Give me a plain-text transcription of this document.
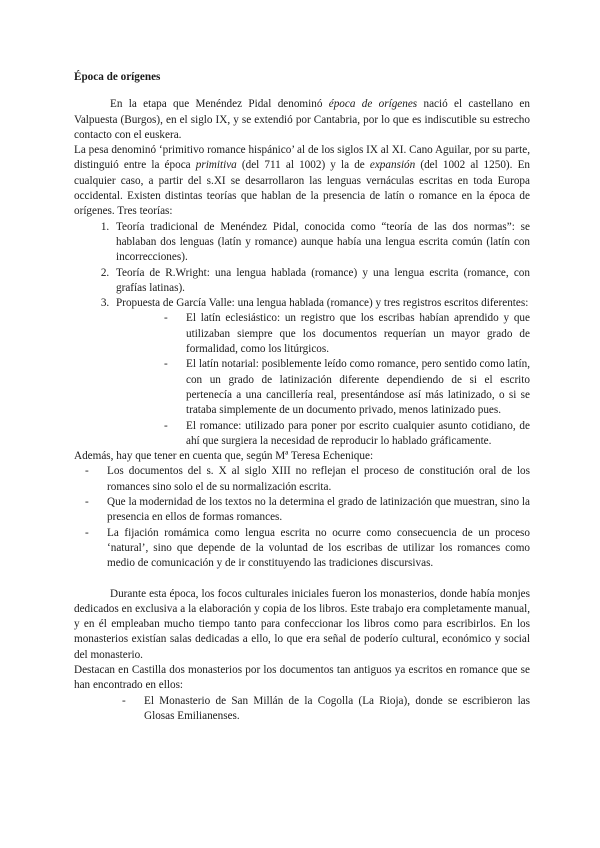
Época de orígenes

En la etapa que Menéndez Pidal denominó época de orígenes nació el castellano en Valpuesta (Burgos), en el siglo IX, y se extendió por Cantabria, por lo que es indiscutible su estrecho contacto con el euskera.

La pesa denominó ‘primitivo romance hispánico’ al de los siglos IX al XI. Cano Aguilar, por su parte, distinguió entre la época primitiva (del 711 al 1002) y la de expansión (del 1002 al 1250). En cualquier caso, a partir del s.XI se desarrollaron las lenguas vernáculas escritas en toda Europa occidental. Existen distintas teorías que hablan de la presencia de latín o romance en la época de orígenes. Tres teorías:

1. Teoría tradicional de Menéndez Pidal, conocida como “teoría de las dos normas”: se hablaban dos lenguas (latín y romance) aunque había una lengua escrita común (latín con incorrecciones).
2. Teoría de R.Wright: una lengua hablada (romance) y una lengua escrita (romance, con grafías latinas).
3. Propuesta de García Valle: una lengua hablada (romance) y tres registros escritos diferentes:
- El latín eclesiástico: un registro que los escribas habían aprendido y que utilizaban siempre que los documentos requerían un mayor grado de formalidad, como los litúrgicos.
- El latín notarial: posiblemente leído como romance, pero sentido como latín, con un grado de latinización diferente dependiendo de si el escrito pertenecía a una cancillería real, presentándose así más latinizado, o si se trataba simplemente de un documento privado, menos latinizado pues.
- El romance: utilizado para poner por escrito cualquier asunto cotidiano, de ahí que surgiera la necesidad de reproducir lo hablado gráficamente.

Además, hay que tener en cuenta que, según Mª Teresa Echenique:

- Los documentos del s. X al siglo XIII no reflejan el proceso de constitución oral de los romances sino solo el de su normalización escrita.
- Que la modernidad de los textos no la determina el grado de latinización que muestran, sino la presencia en ellos de formas romances.
- La fijación romámica como lengua escrita no ocurre como consecuencia de un proceso ‘natural’, sino que depende de la voluntad de los escribas de utilizar los romances como medio de comunicación y de ir constituyendo las tradiciones discursivas.

Durante esta época, los focos culturales iniciales fueron los monasterios, donde había monjes dedicados en exclusiva a la elaboración y copia de los libros. Este trabajo era completamente manual, y en él empleaban mucho tiempo tanto para confeccionar los libros como para escribirlos. En los monasterios existían salas dedicadas a ello, lo que era señal de poderío cultural, económico y social del monasterio.

Destacan en Castilla dos monasterios por los documentos tan antiguos ya escritos en romance que se han encontrado en ellos:

- El Monasterio de San Millán de la Cogolla (La Rioja), donde se escribieron las Glosas Emilianenses.
